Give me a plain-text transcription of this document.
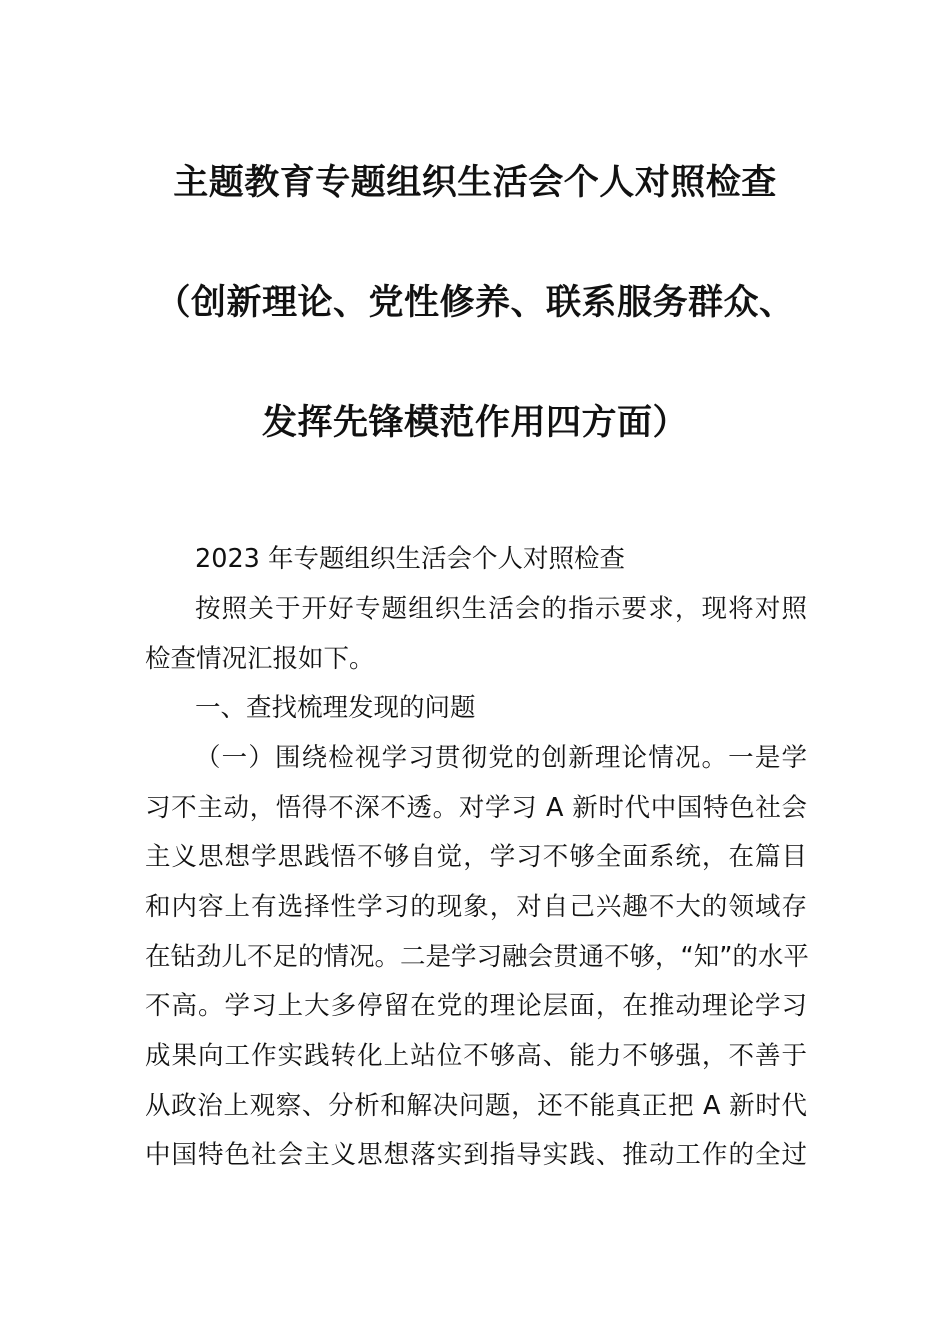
主题教育专题组织生活会个人对照检查
（创新理论、党性修养、联系服务群众、
发挥先锋模范作用四方面）
2023 年专题组织生活会个人对照检查
按照关于开好专题组织生活会的指示要求，现将对照
检查情况汇报如下。
一、查找梳理发现的问题
（一）围绕检视学习贯彻党的创新理论情况。一是学
习不主动，悟得不深不透。对学习 A 新时代中国特色社会
主义思想学思践悟不够自觉，学习不够全面系统，在篇目
和内容上有选择性学习的现象，对自己兴趣不大的领域存
在钻劲儿不足的情况。二是学习融会贯通不够，“知”的水平
不高。学习上大多停留在党的理论层面，在推动理论学习
成果向工作实践转化上站位不够高、能力不够强，不善于
从政治上观察、分析和解决问题，还不能真正把 A 新时代
中国特色社会主义思想落实到指导实践、推动工作的全过
